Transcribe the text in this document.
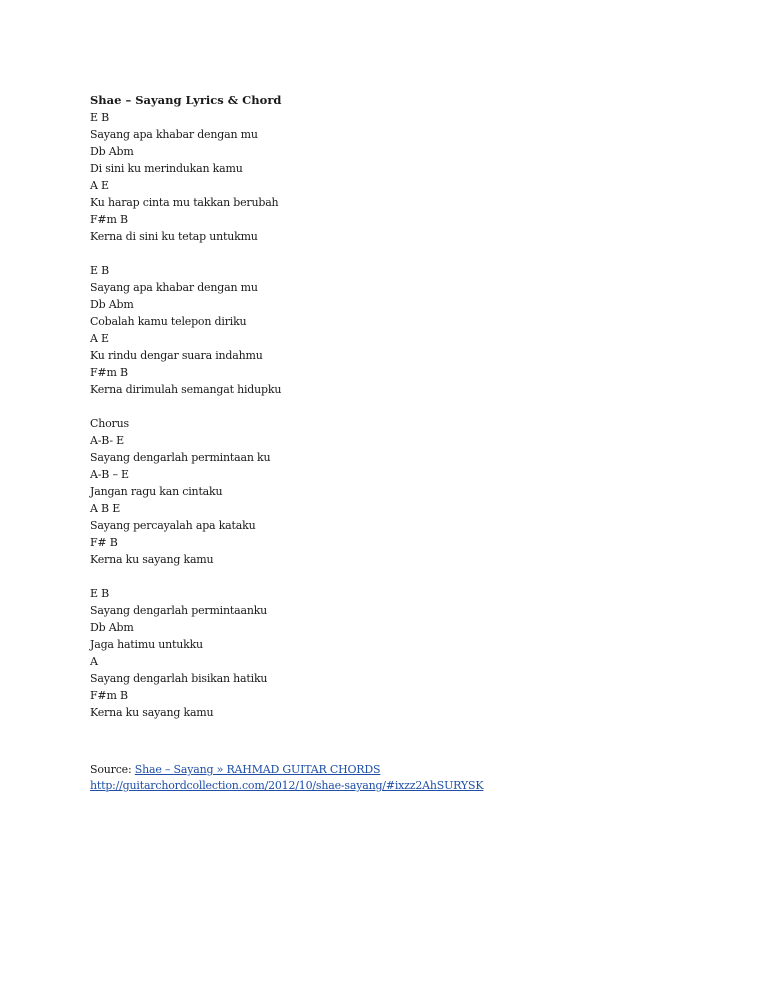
Shae – Sayang Lyrics & Chord
E B
Sayang apa khabar dengan mu
Db Abm
Di sini ku merindukan kamu
A E
Ku harap cinta mu takkan berubah
F#m B
Kerna di sini ku tetap untukmu
E B
Sayang apa khabar dengan mu
Db Abm
Cobalah kamu telepon diriku
A E
Ku rindu dengar suara indahmu
F#m B
Kerna dirimulah semangat hidupku
Chorus
A-B- E
Sayang dengarlah permintaan ku
A-B – E
Jangan ragu kan cintaku
A B E
Sayang percayalah apa kataku
F# B
Kerna ku sayang kamu
E B
Sayang dengarlah permintaanku
Db Abm
Jaga hatimu untukku
A
Sayang dengarlah bisikan hatiku
F#m B
Kerna ku sayang kamu
Source: Shae – Sayang » RAHMAD GUITAR CHORDS http://guitarchordcollection.com/2012/10/shae-sayang/#ixzz2AhSURYSK
